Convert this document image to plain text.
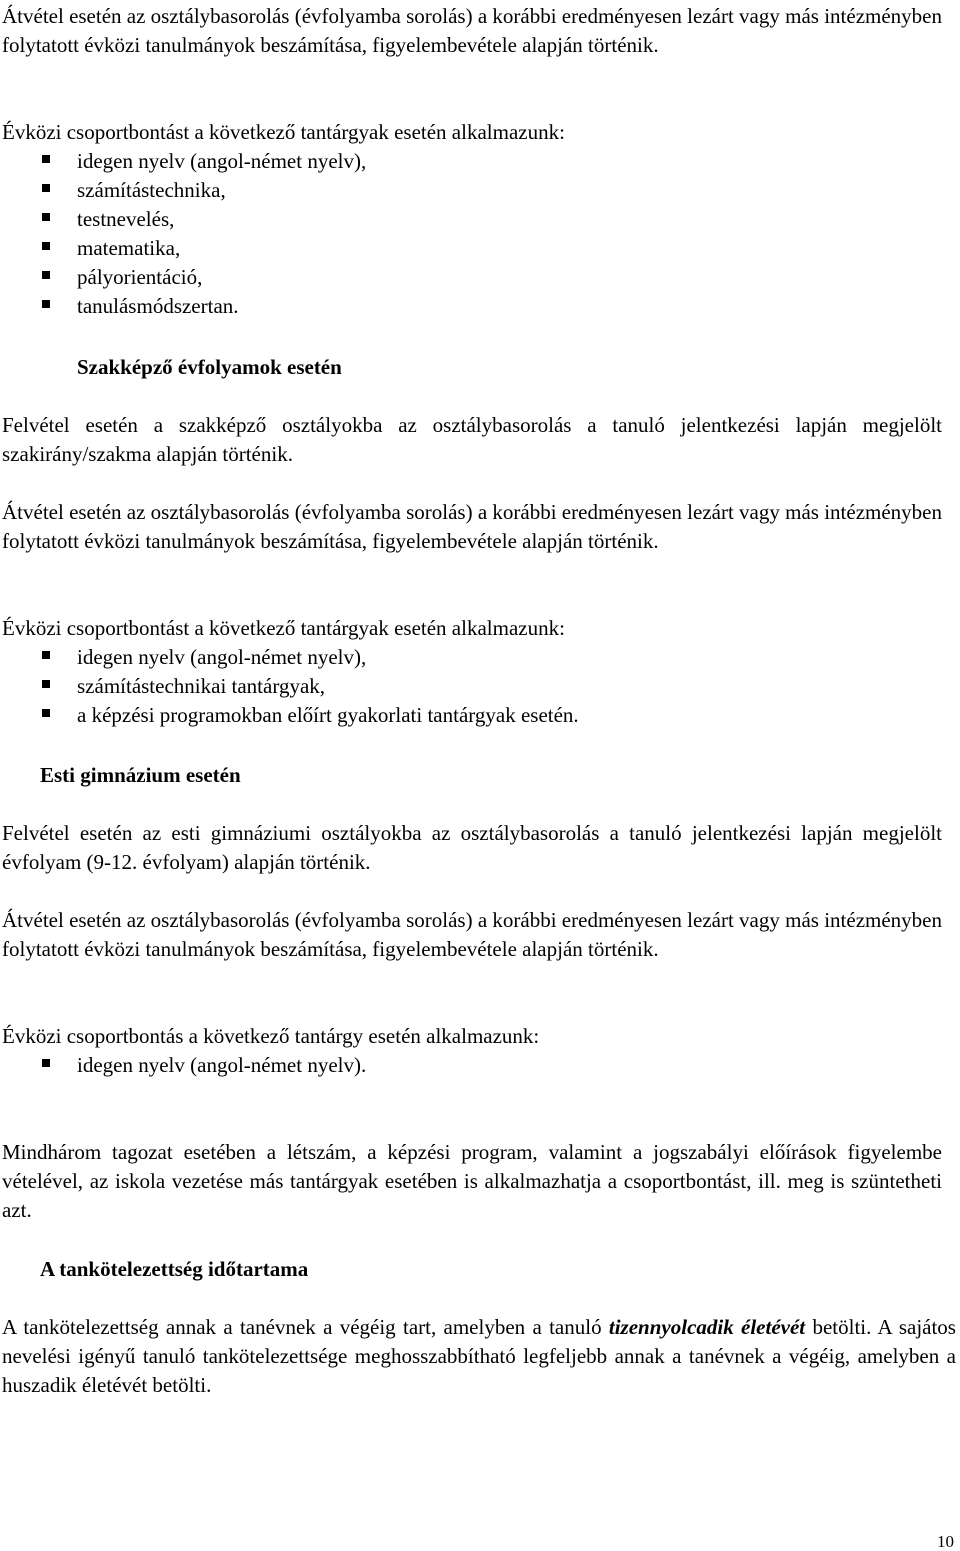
Átvétel esetén az osztálybasorolás (évfolyamba sorolás) a korábbi eredményesen lezárt vagy más intézményben folytatott évközi tanulmányok beszámítása, figyelembevétele alapján történik.

Évközi csoportbontást a következő tantárgyak esetén alkalmazunk:

idegen nyelv (angol-német nyelv),
számítástechnika,
testnevelés,
matematika,
pályorientáció,
tanulásmódszertan.

Szakképző évfolyamok esetén

Felvétel esetén a szakképző osztályokba az osztálybasorolás a tanuló jelentkezési lapján megjelölt szakirány/szakma alapján történik.

Átvétel esetén az osztálybasorolás (évfolyamba sorolás) a korábbi eredményesen lezárt vagy más intézményben folytatott évközi tanulmányok beszámítása, figyelembevétele alapján történik.

Évközi csoportbontást a következő tantárgyak esetén alkalmazunk:

idegen nyelv (angol-német nyelv),
számítástechnikai tantárgyak,
a képzési programokban előírt gyakorlati tantárgyak esetén.

Esti gimnázium esetén

Felvétel esetén az esti gimnáziumi osztályokba az osztálybasorolás a tanuló jelentkezési lapján megjelölt évfolyam (9-12. évfolyam) alapján történik.

Átvétel esetén az osztálybasorolás (évfolyamba sorolás) a korábbi eredményesen lezárt vagy más intézményben folytatott évközi tanulmányok beszámítása, figyelembevétele alapján történik.

Évközi csoportbontás a következő tantárgy esetén alkalmazunk:

idegen nyelv (angol-német nyelv).

Mindhárom tagozat esetében a létszám, a képzési program, valamint a jogszabályi előírások figyelembe vételével, az iskola vezetése más tantárgyak esetében is alkalmazhatja a csoportbontást, ill. meg is szüntetheti azt.

A tankötelezettség időtartama

A tankötelezettség annak a tanévnek a végéig tart, amelyben a tanuló tizennyolcadik életévét betölti. A sajátos nevelési igényű tanuló tankötelezettsége meghosszabbítható legfeljebb annak a tanévnek a végéig, amelyben a huszadik életévét betölti.

10
